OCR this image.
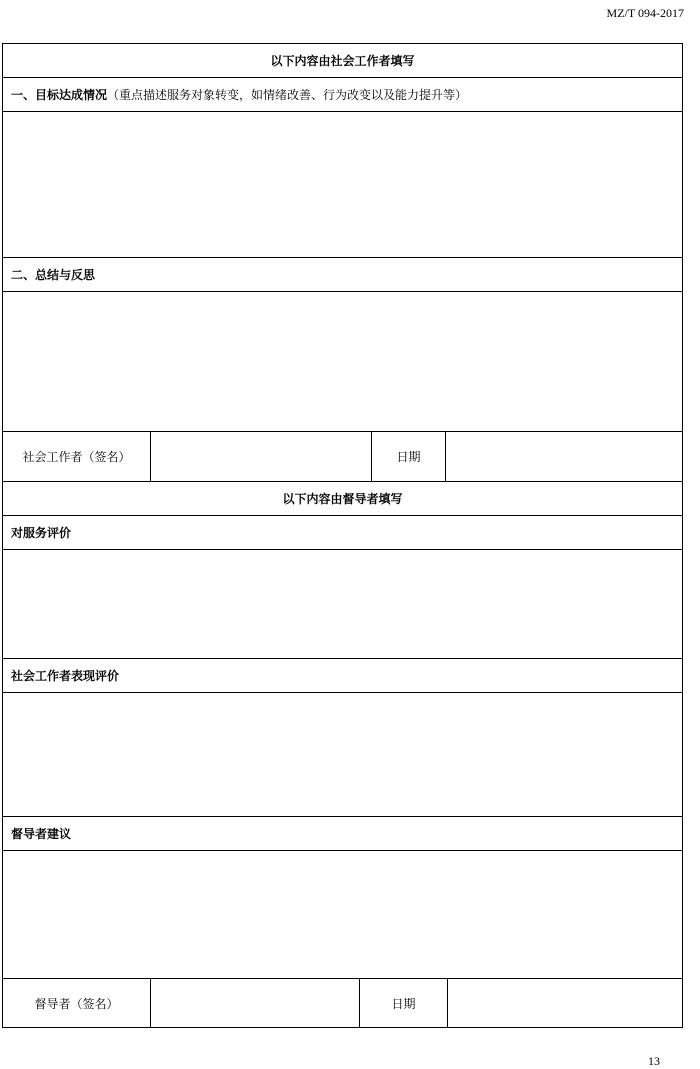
MZ/T 094-2017
以下内容由社会工作者填写
一、目标达成情况 （重点描述服务对象转变，如情绪改善、行为改变以及能力提升等）
二、总结与反思
社会工作者（签名）	日期
以下内容由督导者填写
对服务评价
社会工作者表现评价
督导者建议
督导者（签名）	日期
13
